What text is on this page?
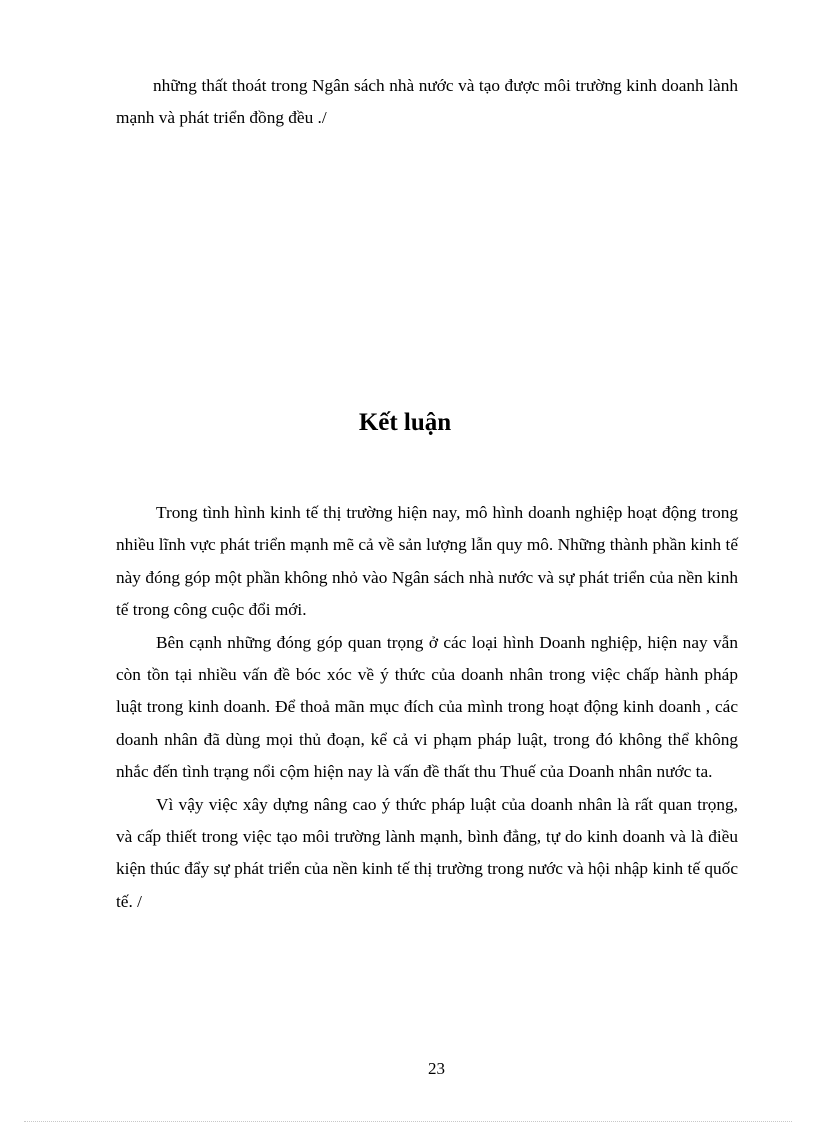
những thất thoát trong Ngân sách nhà nước và tạo được môi trường kinh doanh lành mạnh và phát triển đồng đều ./

Kết luận

Trong tình hình kinh tế thị trường hiện nay, mô hình doanh nghiệp hoạt động trong nhiều lĩnh vực phát triển mạnh mẽ cả về sản lượng lẫn quy mô. Những thành phần kinh tế này đóng góp một phần không nhỏ vào Ngân sách nhà nước và sự phát triển của nền kinh tế trong công cuộc đổi mới.

Bên cạnh những đóng góp quan trọng ở các loại hình Doanh nghiệp, hiện nay vẫn còn tồn tại nhiều vấn đề bóc xóc về ý thức của doanh nhân trong việc chấp hành pháp luật trong kinh doanh. Để thoả mãn mục đích của mình trong hoạt động kinh doanh , các doanh nhân đã dùng mọi thủ đoạn, kể cả vi phạm pháp luật, trong đó không thể không nhắc đến tình trạng nổi cộm hiện nay là vấn đề thất thu Thuế của Doanh nhân nước ta.

Vì vậy việc xây dựng nâng cao ý thức pháp luật của doanh nhân là rất quan trọng, và cấp thiết trong việc tạo môi trường lành mạnh, bình đẳng, tự do kinh doanh và là điều kiện thúc đẩy sự phát triển của nền kinh tế thị trường trong nước và hội nhập kinh tế quốc tế. /

23
